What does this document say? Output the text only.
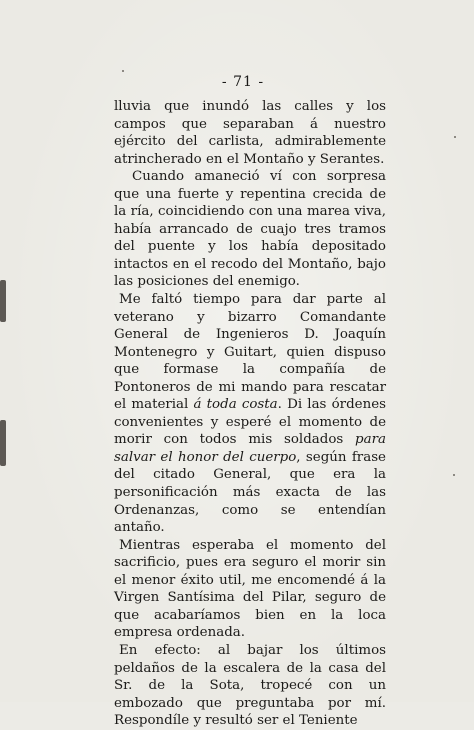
- 71 -

lluvia que inundó las calles y los campos que separaban á nuestro ejército del carlista, admirablemente atrincherado en el Montaño y Serantes.

Cuando amaneció ví con sorpresa que una fuerte y repentina crecida de la ría, coincidiendo con una marea viva, había arrancado de cuajo tres tramos del puente y los había depositado intactos en el recodo del Montaño, bajo las posiciones del enemigo.

Me faltó tiempo para dar parte al veterano y bizarro Comandante General de Ingenieros D. Joaquín Montenegro y Guitart, quien dispuso que formase la compañía de Pontoneros de mi mando para rescatar el material á toda costa. Di las órdenes convenientes y esperé el momento de morir con todos mis soldados para salvar el honor del cuerpo, según frase del citado General, que era la personificación más exacta de las Ordenanzas, como se entendían antaño.

Mientras esperaba el momento del sacrificio, pues era seguro el morir sin el menor éxito util, me encomendé á la Virgen Santísima del Pilar, seguro de que acabaríamos bien en la loca empresa ordenada.

En efecto: al bajar los últimos peldaños de la escalera de la casa del Sr. de la Sota, tropecé con un embozado que preguntaba por mí. Respondíle y resultó ser el Teniente
